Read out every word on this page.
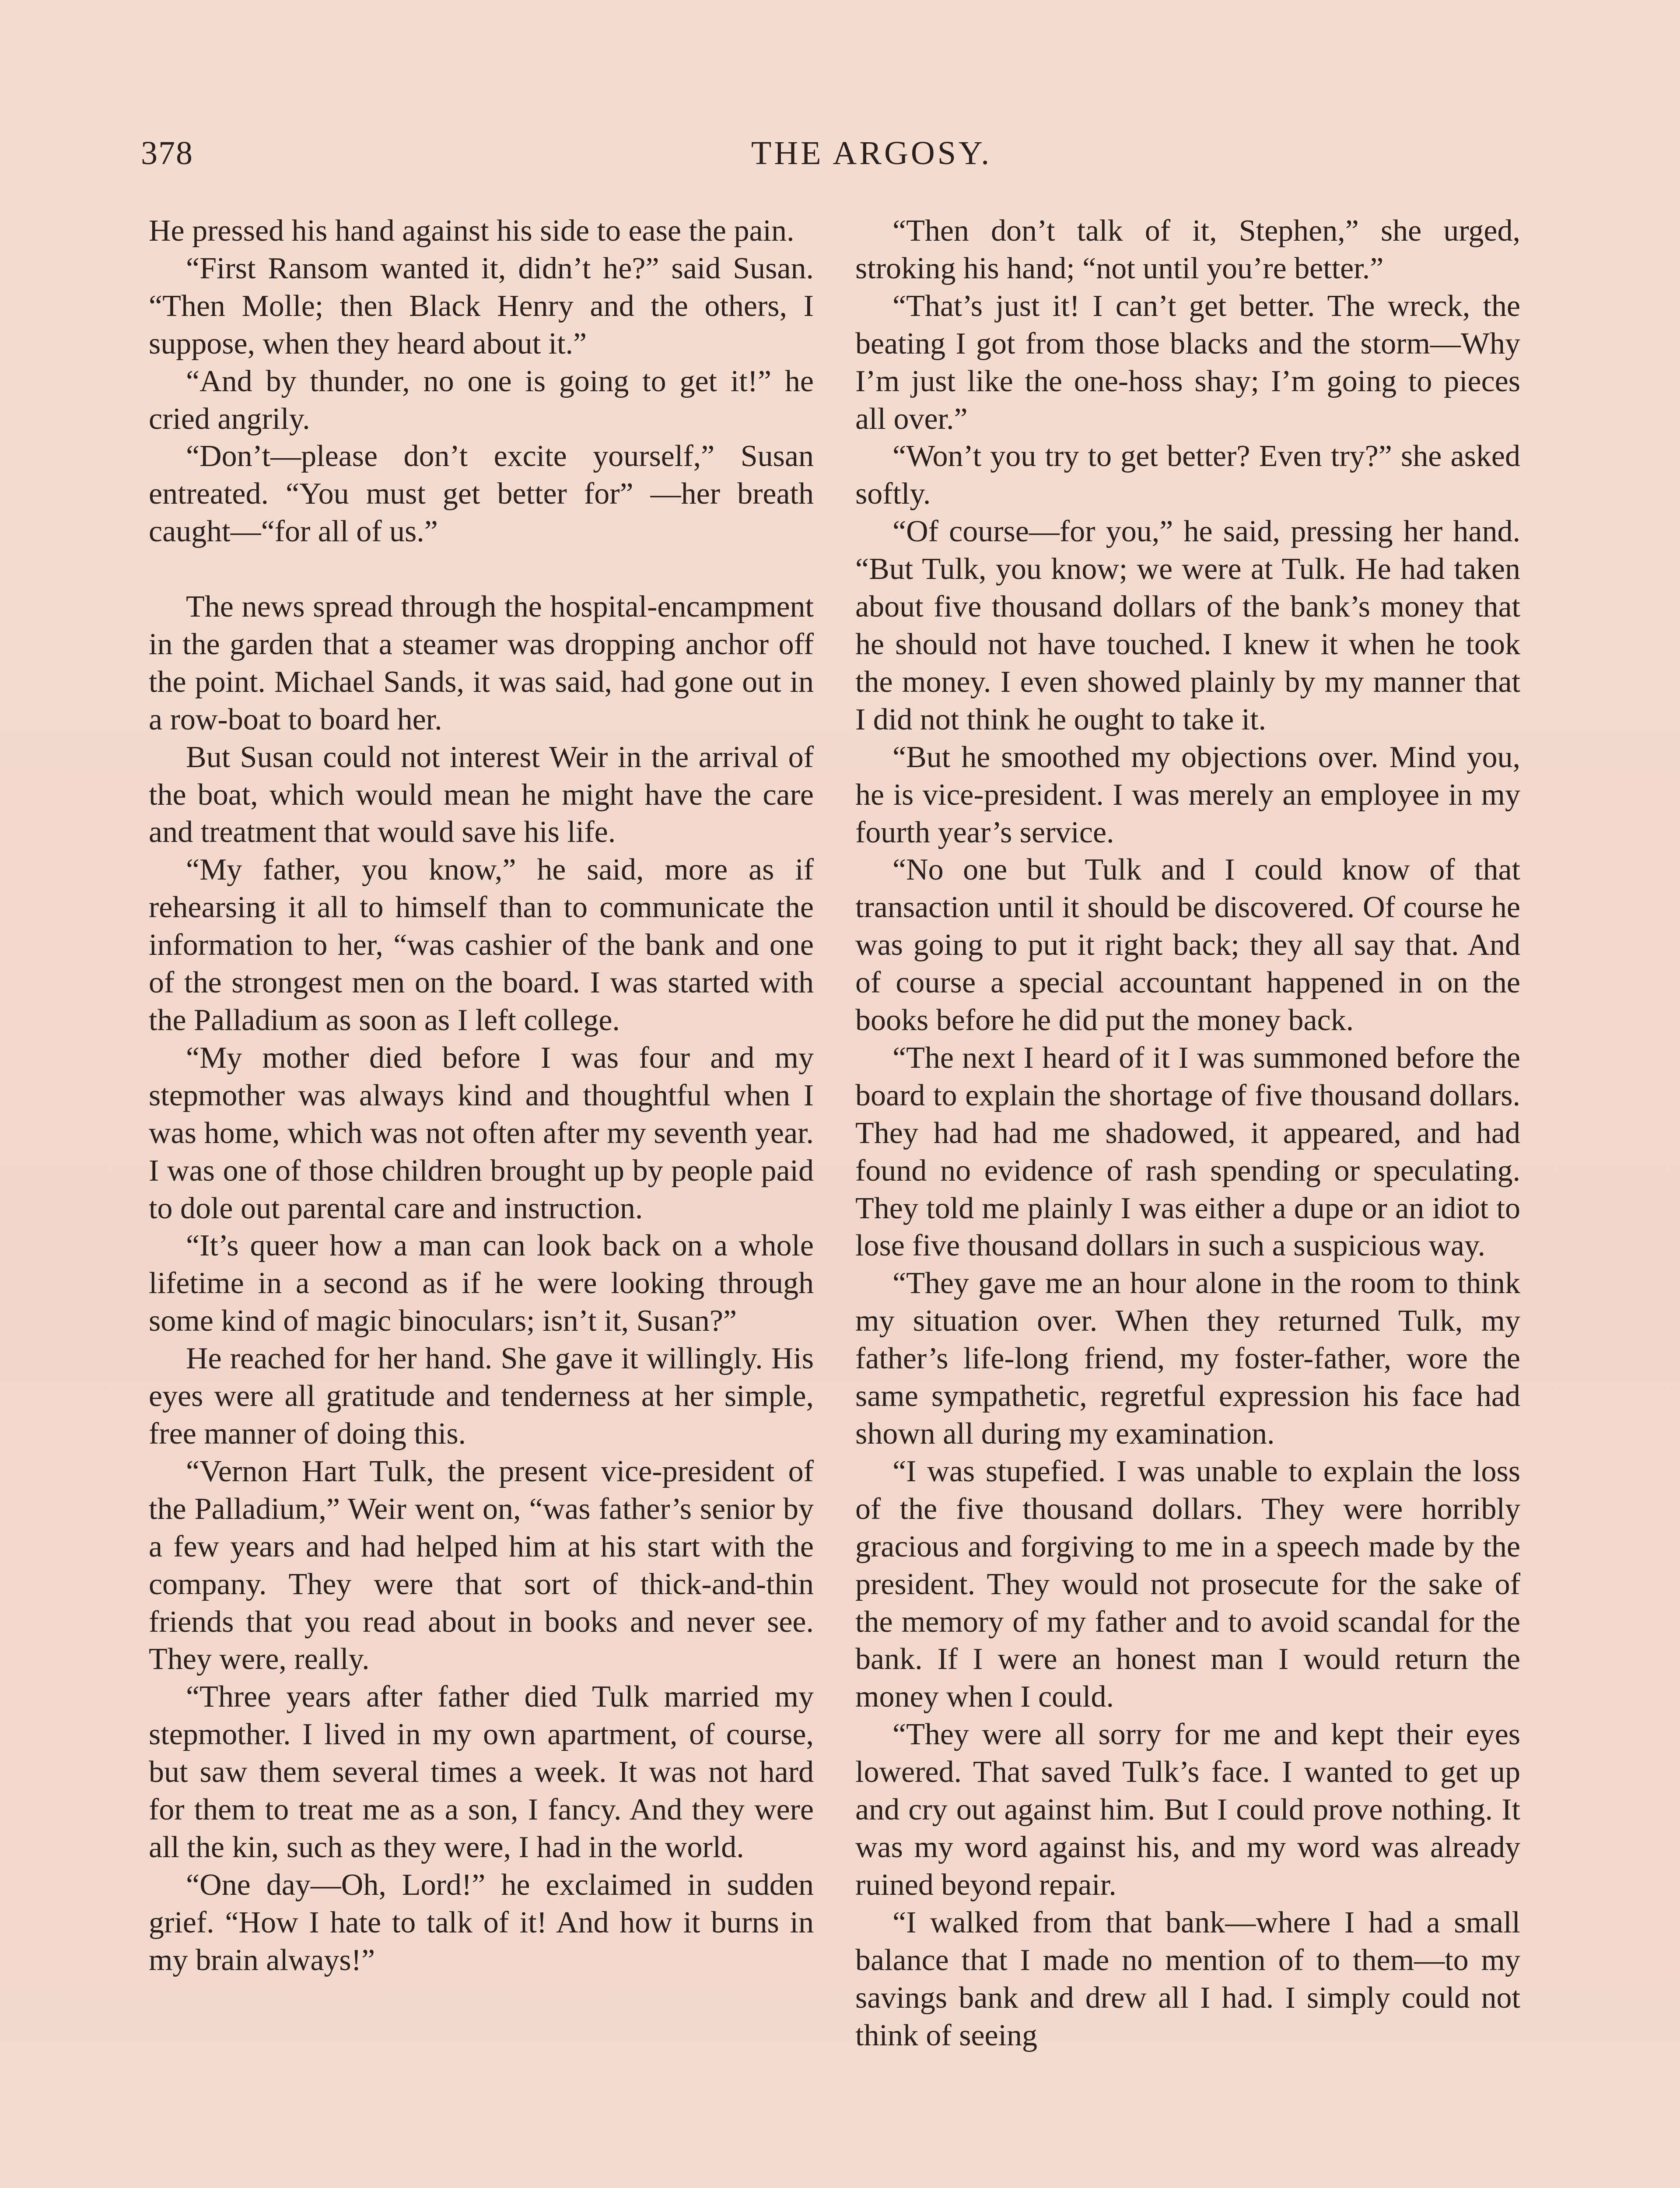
378	THE ARGOSY.

He pressed his hand against his side to ease the pain.

“First Ransom wanted it, didn’t he?” said Susan. “Then Molle; then Black Henry and the others, I suppose, when they heard about it.”

“And by thunder, no one is going to get it!” he cried angrily.

“Don’t—please don’t excite yourself,” Susan entreated. “You must get better for” —her breath caught—“for all of us.”

The news spread through the hospital-encampment in the garden that a steamer was dropping anchor off the point. Michael Sands, it was said, had gone out in a row-boat to board her.

But Susan could not interest Weir in the arrival of the boat, which would mean he might have the care and treatment that would save his life.

“My father, you know,” he said, more as if rehearsing it all to himself than to communicate the information to her, “was cashier of the bank and one of the strongest men on the board. I was started with the Palladium as soon as I left college.

“My mother died before I was four and my stepmother was always kind and thoughtful when I was home, which was not often after my seventh year. I was one of those children brought up by people paid to dole out parental care and instruction.

“It’s queer how a man can look back on a whole lifetime in a second as if he were looking through some kind of magic binoculars; isn’t it, Susan?”

He reached for her hand. She gave it willingly. His eyes were all gratitude and tenderness at her simple, free manner of doing this.

“Vernon Hart Tulk, the present vice-president of the Palladium,” Weir went on, “was father’s senior by a few years and had helped him at his start with the company. They were that sort of thick-and-thin friends that you read about in books and never see. They were, really.

“Three years after father died Tulk married my stepmother. I lived in my own apartment, of course, but saw them several times a week. It was not hard for them to treat me as a son, I fancy. And they were all the kin, such as they were, I had in the world.

“One day—Oh, Lord!” he exclaimed in sudden grief. “How I hate to talk of it! And how it burns in my brain always!”

“Then don’t talk of it, Stephen,” she urged, stroking his hand; “not until you’re better.”

“That’s just it! I can’t get better. The wreck, the beating I got from those blacks and the storm—Why I’m just like the one-hoss shay; I’m going to pieces all over.”

“Won’t you try to get better? Even try?” she asked softly.

“Of course—for you,” he said, pressing her hand. “But Tulk, you know; we were at Tulk. He had taken about five thousand dollars of the bank’s money that he should not have touched. I knew it when he took the money. I even showed plainly by my manner that I did not think he ought to take it.

“But he smoothed my objections over. Mind you, he is vice-president. I was merely an employee in my fourth year’s service.

“No one but Tulk and I could know of that transaction until it should be discovered. Of course he was going to put it right back; they all say that. And of course a special accountant happened in on the books before he did put the money back.

“The next I heard of it I was summoned before the board to explain the shortage of five thousand dollars. They had had me shadowed, it appeared, and had found no evidence of rash spending or speculating. They told me plainly I was either a dupe or an idiot to lose five thousand dollars in such a suspicious way.

“They gave me an hour alone in the room to think my situation over. When they returned Tulk, my father’s life-long friend, my foster-father, wore the same sympathetic, regretful expression his face had shown all during my examination.

“I was stupefied. I was unable to explain the loss of the five thousand dollars. They were horribly gracious and forgiving to me in a speech made by the president. They would not prosecute for the sake of the memory of my father and to avoid scandal for the bank. If I were an honest man I would return the money when I could.

“They were all sorry for me and kept their eyes lowered. That saved Tulk’s face. I wanted to get up and cry out against him. But I could prove nothing. It was my word against his, and my word was already ruined beyond repair.

“I walked from that bank—where I had a small balance that I made no mention of to them—to my savings bank and drew all I had. I simply could not think of seeing
